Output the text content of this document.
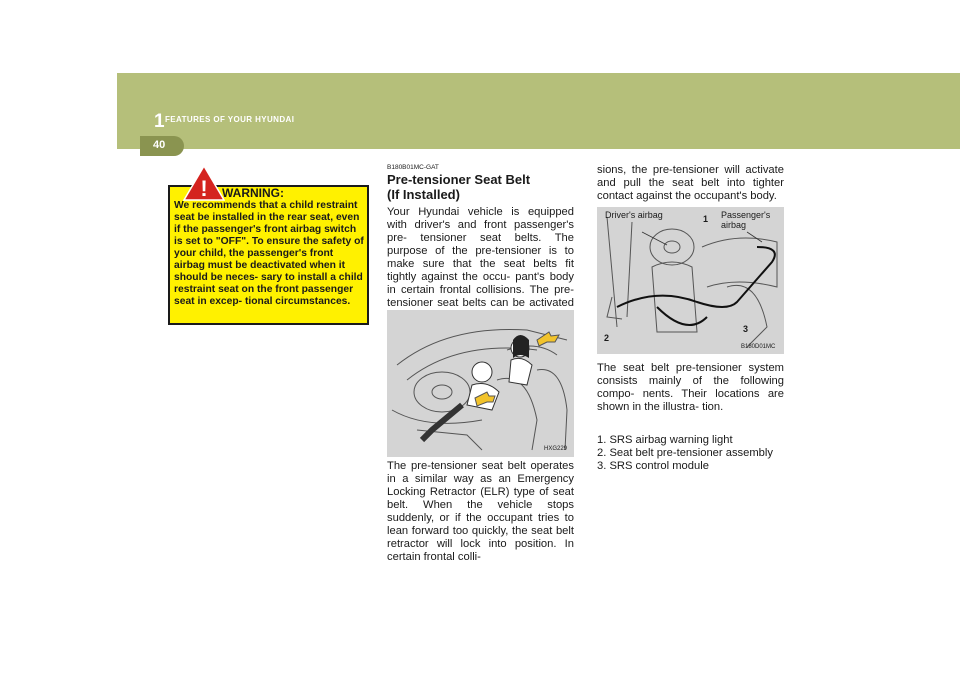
1 FEATURES OF YOUR HYUNDAI
40
! WARNING:
We recommends that a child restraint seat be installed in the rear seat, even if the passenger's front airbag switch is set to "OFF". To ensure the safety of your child, the passenger's front airbag must be deactivated when it should be neces- sary to install a child restraint seat on the front passenger seat in excep- tional circumstances.
B180B01MC-GAT
Pre-tensioner Seat Belt
(If Installed)
Your Hyundai vehicle is equipped with driver's and front passenger's pre- tensioner seat belts. The purpose of the pre-tensioner is to make sure that the seat belts fit tightly against the occu- pant's body in certain frontal collisions. The pre-tensioner seat belts can be activated
HXG229
The pre-tensioner seat belt operates in a similar way as an Emergency Locking Retractor (ELR) type of seat belt. When the vehicle stops suddenly, or if the occupant tries to lean forward too quickly, the seat belt retractor will lock into position. In certain frontal colli-
sions, the pre-tensioner will activate and pull the seat belt into tighter contact against the occupant's body.
Driver's airbag	Passenger's airbag
1
2
3
B180D01MC
The seat belt pre-tensioner system consists mainly of the following compo- nents. Their locations are shown in the illustra- tion.
1. SRS airbag warning light
2. Seat belt pre-tensioner assembly
3. SRS control module
